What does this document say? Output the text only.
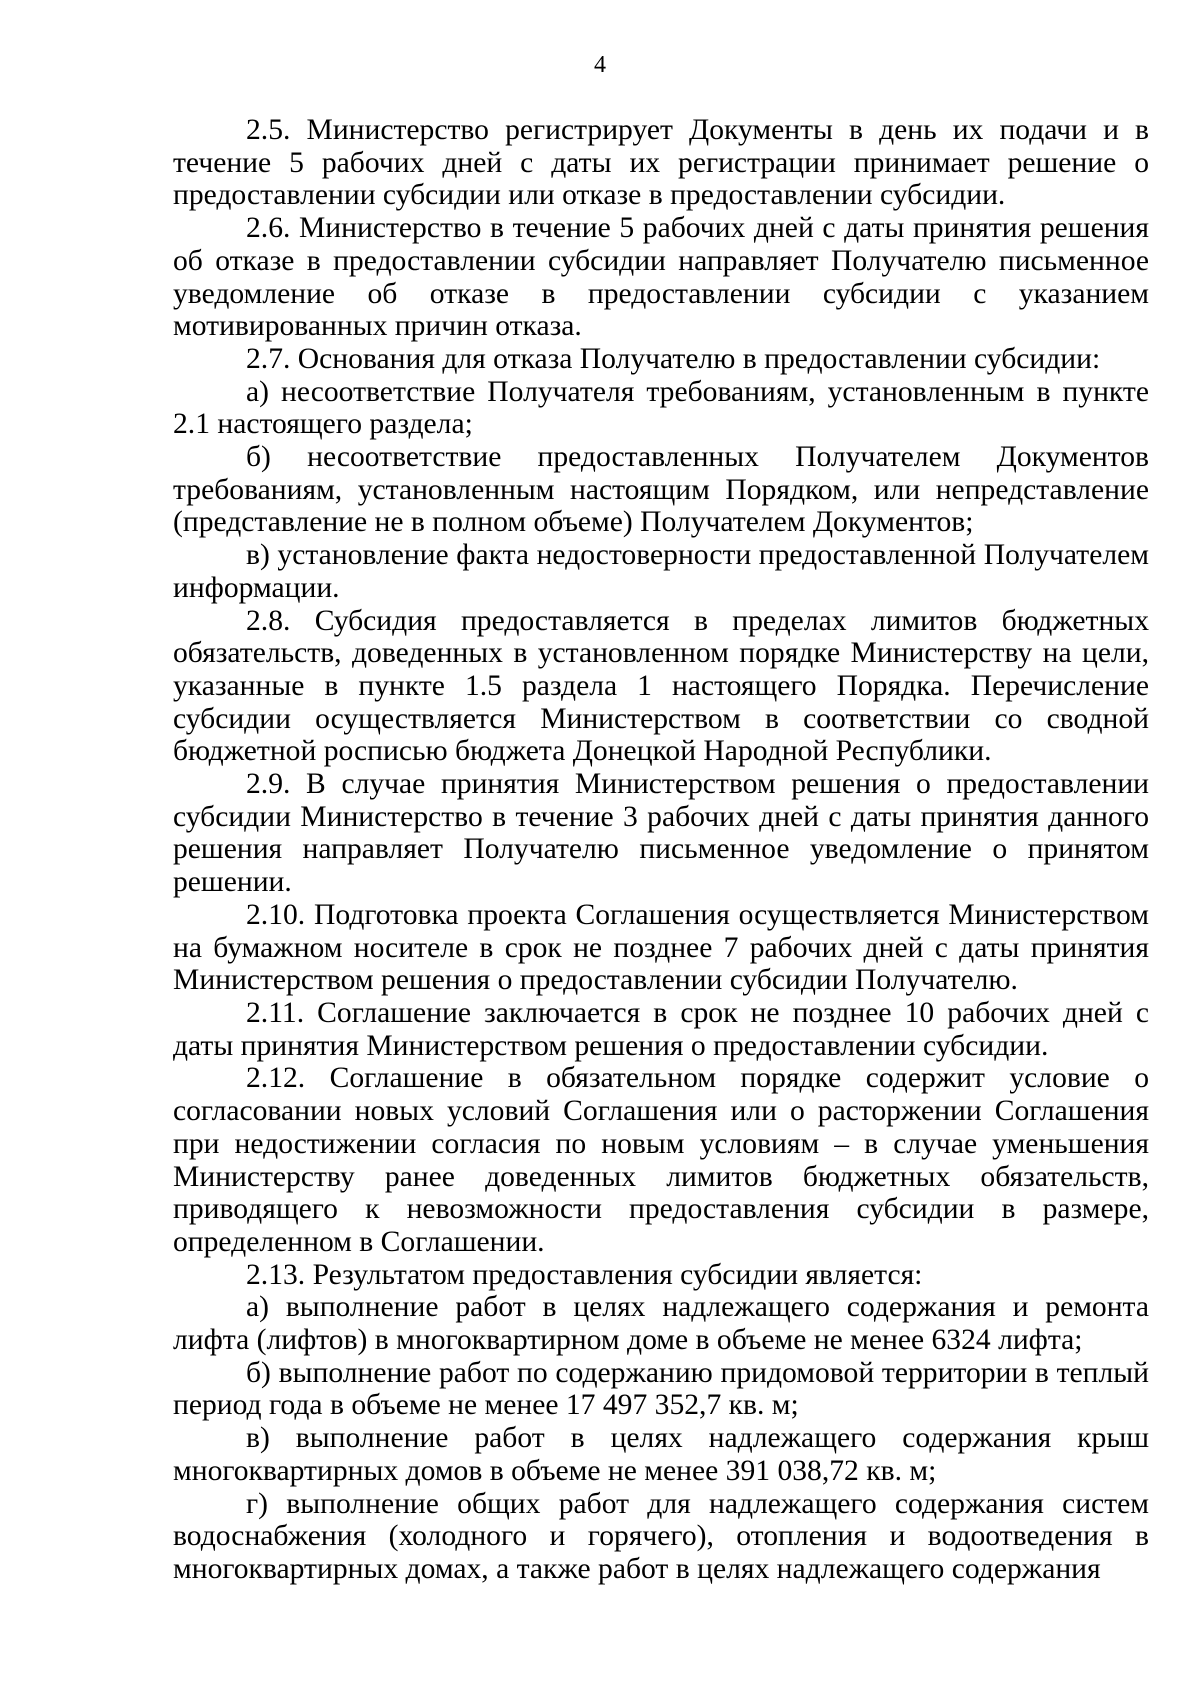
4

2.5. Министерство регистрирует Документы в день их подачи и в течение 5 рабочих дней с даты их регистрации принимает решение о предоставлении субсидии или отказе в предоставлении субсидии.

2.6. Министерство в течение 5 рабочих дней с даты принятия решения об отказе в предоставлении субсидии направляет Получателю письменное уведомление об отказе в предоставлении субсидии с указанием мотивированных причин отказа.

2.7. Основания для отказа Получателю в предоставлении субсидии:

а) несоответствие Получателя требованиям, установленным в пункте 2.1 настоящего раздела;

б) несоответствие предоставленных Получателем Документов требованиям, установленным настоящим Порядком, или непредставление (представление не в полном объеме) Получателем Документов;

в) установление факта недостоверности предоставленной Получателем информации.

2.8. Субсидия предоставляется в пределах лимитов бюджетных обязательств, доведенных в установленном порядке Министерству на цели, указанные в пункте 1.5 раздела 1 настоящего Порядка. Перечисление субсидии осуществляется Министерством в соответствии со сводной бюджетной росписью бюджета Донецкой Народной Республики.

2.9. В случае принятия Министерством решения о предоставлении субсидии Министерство в течение 3 рабочих дней с даты принятия данного решения направляет Получателю письменное уведомление о принятом решении.

2.10. Подготовка проекта Соглашения осуществляется Министерством на бумажном носителе в срок не позднее 7 рабочих дней с даты принятия Министерством решения о предоставлении субсидии Получателю.

2.11. Соглашение заключается в срок не позднее 10 рабочих дней с даты принятия Министерством решения о предоставлении субсидии.

2.12. Соглашение в обязательном порядке содержит условие о согласовании новых условий Соглашения или о расторжении Соглашения при недостижении согласия по новым условиям – в случае уменьшения Министерству ранее доведенных лимитов бюджетных обязательств, приводящего к невозможности предоставления субсидии в размере, определенном в Соглашении.

2.13. Результатом предоставления субсидии является:

а) выполнение работ в целях надлежащего содержания и ремонта лифта (лифтов) в многоквартирном доме в объеме не менее 6324 лифта;

б) выполнение работ по содержанию придомовой территории в теплый период года в объеме не менее 17 497 352,7 кв. м;

в) выполнение работ в целях надлежащего содержания крыш многоквартирных домов в объеме не менее 391 038,72 кв. м;

г) выполнение общих работ для надлежащего содержания систем водоснабжения (холодного и горячего), отопления и водоотведения в многоквартирных домах, а также работ в целях надлежащего содержания
